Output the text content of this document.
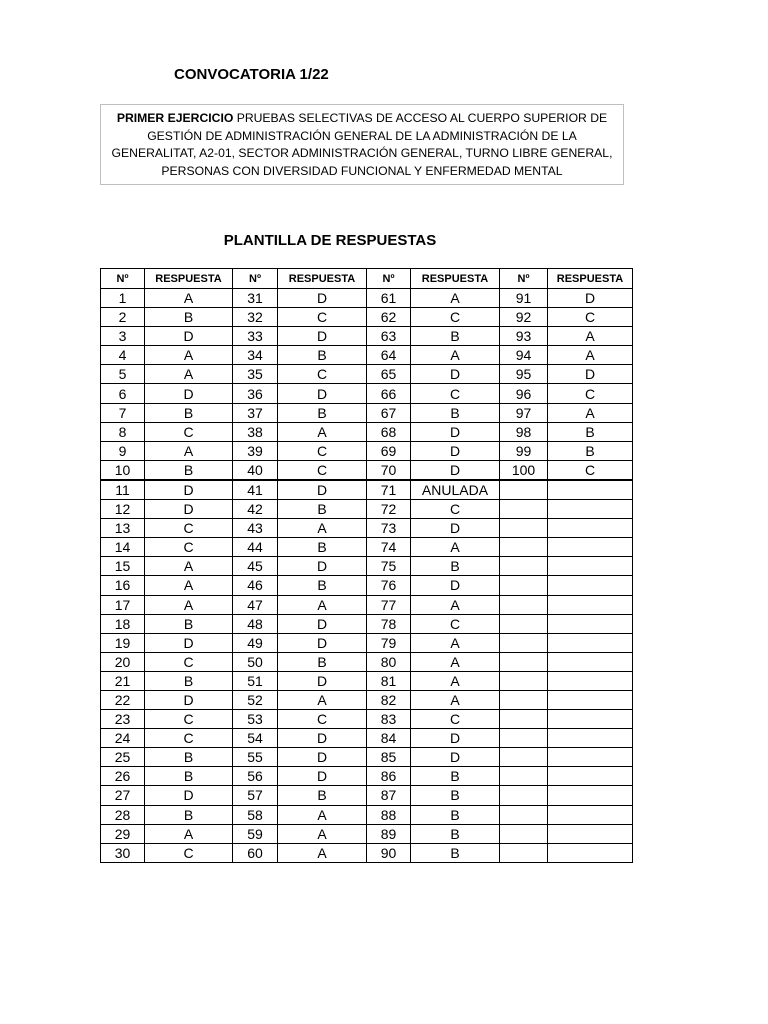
CONVOCATORIA 1/22
PRIMER EJERCICIO PRUEBAS SELECTIVAS DE ACCESO AL CUERPO SUPERIOR DE GESTIÓN DE ADMINISTRACIÓN GENERAL DE LA ADMINISTRACIÓN DE LA GENERALITAT, A2-01, SECTOR ADMINISTRACIÓN GENERAL, TURNO LIBRE GENERAL, PERSONAS CON DIVERSIDAD FUNCIONAL Y ENFERMEDAD MENTAL
PLANTILLA DE RESPUESTAS
Nº	RESPUESTA	Nº	RESPUESTA	Nº	RESPUESTA	Nº	RESPUESTA
1	A	31	D	61	A	91	D
2	B	32	C	62	C	92	C
3	D	33	D	63	B	93	A
4	A	34	B	64	A	94	A
5	A	35	C	65	D	95	D
6	D	36	D	66	C	96	C
7	B	37	B	67	B	97	A
8	C	38	A	68	D	98	B
9	A	39	C	69	D	99	B
10	B	40	C	70	D	100	C
11	D	41	D	71	ANULADA		
12	D	42	B	72	C		
13	C	43	A	73	D		
14	C	44	B	74	A		
15	A	45	D	75	B		
16	A	46	B	76	D		
17	A	47	A	77	A		
18	B	48	D	78	C		
19	D	49	D	79	A		
20	C	50	B	80	A		
21	B	51	D	81	A		
22	D	52	A	82	A		
23	C	53	C	83	C		
24	C	54	D	84	D		
25	B	55	D	85	D		
26	B	56	D	86	B		
27	D	57	B	87	B		
28	B	58	A	88	B		
29	A	59	A	89	B		
30	C	60	A	90	B		
